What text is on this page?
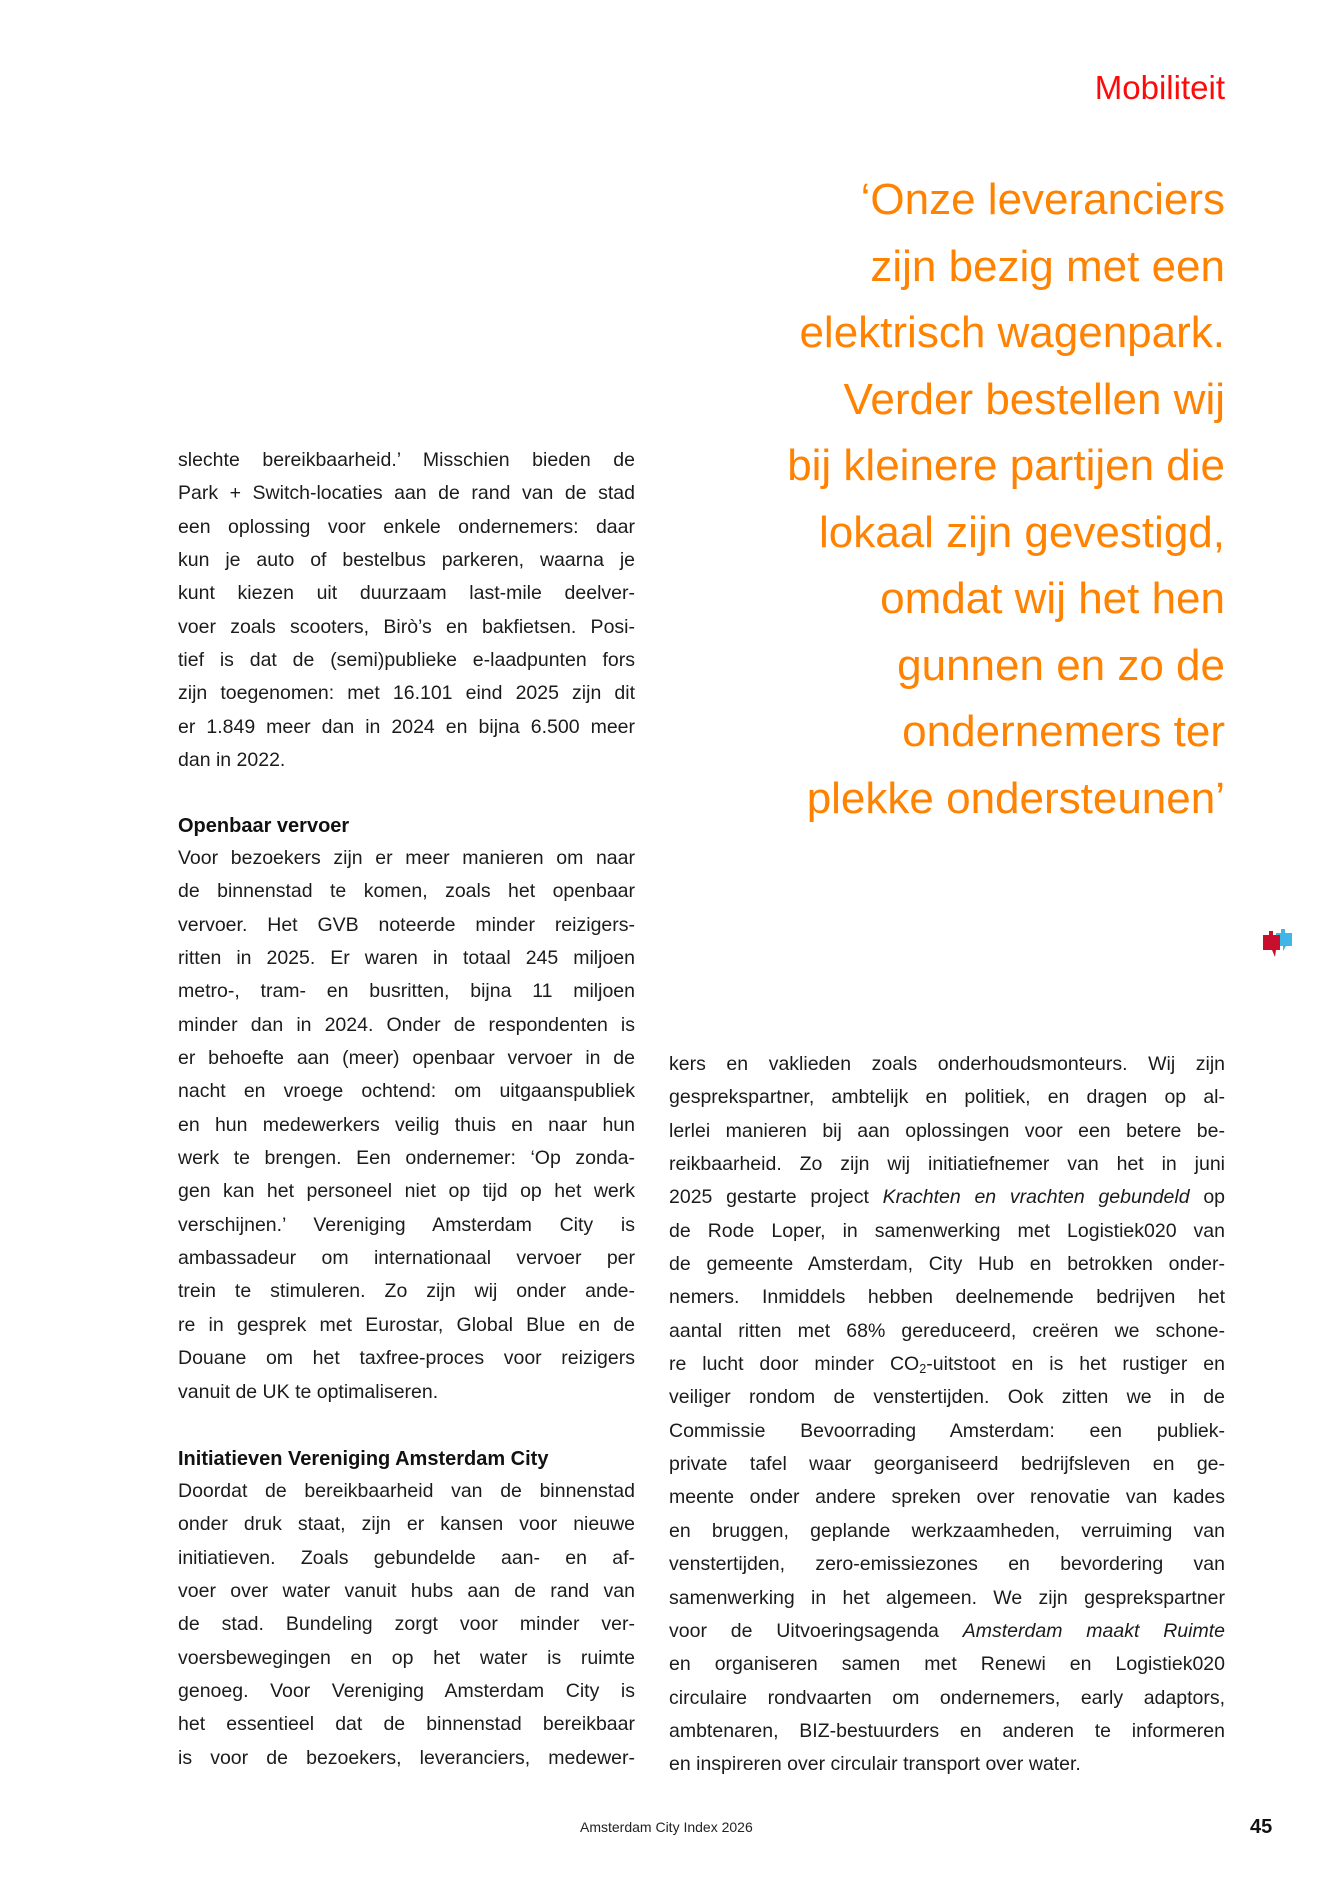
Mobiliteit
‘Onze leveranciers
zijn bezig met een
elektrisch wagenpark.
Verder bestellen wij
bij kleinere partijen die
lokaal zijn gevestigd,
omdat wij het hen
gunnen en zo de
ondernemers ter
plekke ondersteunen’
slechte bereikbaarheid.’ Misschien bieden de
Park + Switch-locaties aan de rand van de stad
een oplossing voor enkele ondernemers: daar
kun je auto of bestelbus parkeren, waarna je
kunt kiezen uit duurzaam last-mile deelver-
voer zoals scooters, Birò’s en bakfietsen. Posi-
tief is dat de (semi)publieke e-laadpunten fors
zijn toegenomen: met 16.101 eind 2025 zijn dit
er 1.849 meer dan in 2024 en bijna 6.500 meer
dan in 2022.
Openbaar vervoer
Voor bezoekers zijn er meer manieren om naar
de binnenstad te komen, zoals het openbaar
vervoer. Het GVB noteerde minder reizigers-
ritten in 2025. Er waren in totaal 245 miljoen
metro-, tram- en busritten, bijna 11 miljoen
minder dan in 2024. Onder de respondenten is
er behoefte aan (meer) openbaar vervoer in de
nacht en vroege ochtend: om uitgaanspubliek
en hun medewerkers veilig thuis en naar hun
werk te brengen. Een ondernemer: ‘Op zonda-
gen kan het personeel niet op tijd op het werk
verschijnen.’ Vereniging Amsterdam City is
ambassadeur om internationaal vervoer per
trein te stimuleren. Zo zijn wij onder ande-
re in gesprek met Eurostar, Global Blue en de
Douane om het taxfree-proces voor reizigers
vanuit de UK te optimaliseren.
Initiatieven Vereniging Amsterdam City
Doordat de bereikbaarheid van de binnenstad
onder druk staat, zijn er kansen voor nieuwe
initiatieven. Zoals gebundelde aan- en af-
voer over water vanuit hubs aan de rand van
de stad. Bundeling zorgt voor minder ver-
voersbewegingen en op het water is ruimte
genoeg. Voor Vereniging Amsterdam City is
het essentieel dat de binnenstad bereikbaar
is voor de bezoekers, leveranciers, medewer-
kers en vaklieden zoals onderhoudsmonteurs. Wij zijn
gesprekspartner, ambtelijk en politiek, en dragen op al-
lerlei manieren bij aan oplossingen voor een betere be-
reikbaarheid. Zo zijn wij initiatiefnemer van het in juni
2025 gestarte project Krachten en vrachten gebundeld op
de Rode Loper, in samenwerking met Logistiek020 van
de gemeente Amsterdam, City Hub en betrokken onder-
nemers. Inmiddels hebben deelnemende bedrijven het
aantal ritten met 68% gereduceerd, creëren we schone-
re lucht door minder $CO_2$-uitstoot en is het rustiger en
veiliger rondom de venstertijden. Ook zitten we in de
Commissie Bevoorrading Amsterdam: een publiek-
private tafel waar georganiseerd bedrijfsleven en ge-
meente onder andere spreken over renovatie van kades
en bruggen, geplande werkzaamheden, verruiming van
venstertijden, zero-emissiezones en bevordering van
samenwerking in het algemeen. We zijn gesprekspartner
voor de Uitvoeringsagenda Amsterdam maakt Ruimte
en organiseren samen met Renewi en Logistiek020
circulaire rondvaarten om ondernemers, early adaptors,
ambtenaren, BIZ-bestuurders en anderen te informeren
en inspireren over circulair transport over water.
Amsterdam City Index 2026	45
